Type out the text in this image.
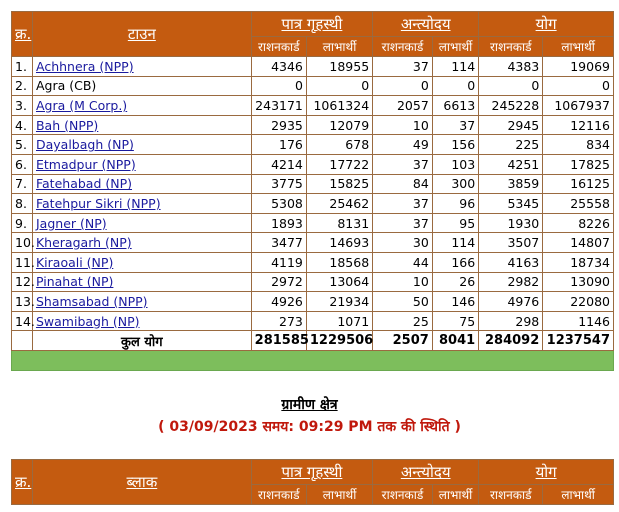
क्र.	टाउन	पात्र गृहस्थी		अन्त्योदय		योग	
		राशनकार्ड	लाभार्थी	राशनकार्ड	लाभार्थी	राशनकार्ड	लाभार्थी
1.	Achhnera (NPP)	4346	18955	37	114	4383	19069
2.	Agra (CB)	0	0	0	0	0	0
3.	Agra (M Corp.)	243171	1061324	2057	6613	245228	1067937
4.	Bah (NPP)	2935	12079	10	37	2945	12116
5.	Dayalbagh (NP)	176	678	49	156	225	834
6.	Etmadpur (NPP)	4214	17722	37	103	4251	17825
7.	Fatehabad (NP)	3775	15825	84	300	3859	16125
8.	Fatehpur Sikri (NPP)	5308	25462	37	96	5345	25558
9.	Jagner (NP)	1893	8131	37	95	1930	8226
10.	Kheragarh (NP)	3477	14693	30	114	3507	14807
11.	Kiraoali (NP)	4119	18568	44	166	4163	18734
12.	Pinahat (NP)	2972	13064	10	26	2982	13090
13.	Shamsabad (NPP)	4926	21934	50	146	4976	22080
14.	Swamibagh (NP)	273	1071	25	75	298	1146
	कुल योग	281585	1229506	2507	8041	284092	1237547

ग्रामीण क्षेत्र
( 03/09/2023 समय: 09:29 PM तक की स्थिति )
क्र.	ब्लाक	पात्र गृहस्थी		अन्त्योदय		योग	
		राशनकार्ड	लाभार्थी	राशनकार्ड	लाभार्थी	राशनकार्ड	लाभार्थी
